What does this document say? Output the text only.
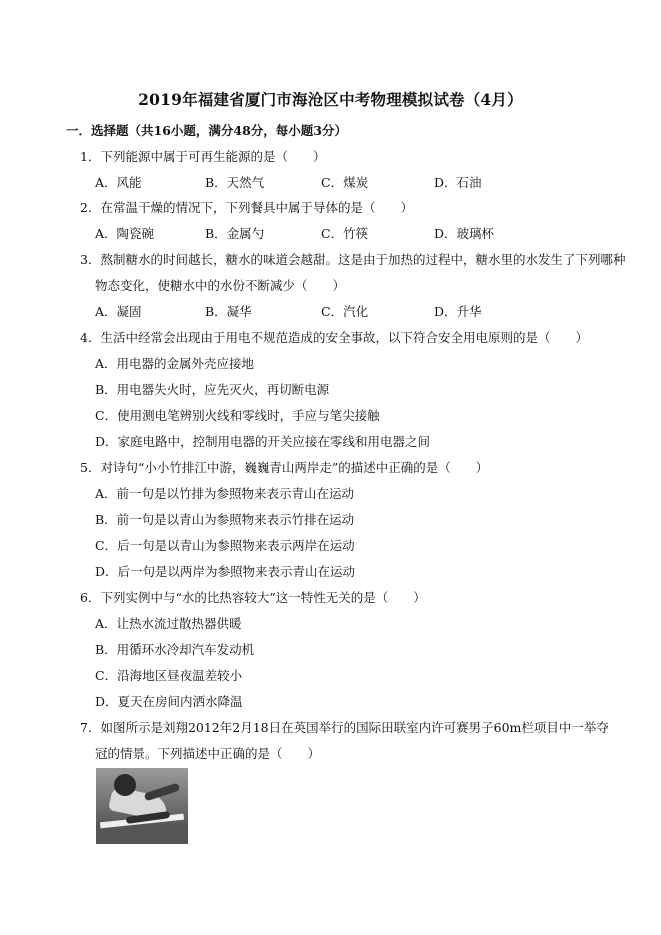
2019年福建省厦门市海沧区中考物理模拟试卷（4月）
一．选择题（共16小题，满分48分，每小题3分）
1．下列能源中属于可再生能源的是（　　）
A．风能	B．天然气	C．煤炭	D．石油
2．在常温干燥的情况下，下列餐具中属于导体的是（　　）
A．陶瓷碗	B．金属勺	C．竹筷	D．玻璃杯
3．熬制糖水的时间越长，糖水的味道会越甜。这是由于加热的过程中，糖水里的水发生了下列哪种
物态变化，使糖水中的水份不断减少（　　）
A．凝固	B．凝华	C．汽化	D．升华
4．生活中经常会出现由于用电不规范造成的安全事故，以下符合安全用电原则的是（　　）
A．用电器的金属外壳应接地
B．用电器失火时，应先灭火，再切断电源
C．使用测电笔辨别火线和零线时，手应与笔尖接触
D．家庭电路中，控制用电器的开关应接在零线和用电器之间
5．对诗句“小小竹排江中游，巍巍青山两岸走”的描述中正确的是（　　）
A．前一句是以竹排为参照物来表示青山在运动
B．前一句是以青山为参照物来表示竹排在运动
C．后一句是以青山为参照物来表示两岸在运动
D．后一句是以两岸为参照物来表示青山在运动
6．下列实例中与“水的比热容较大”这一特性无关的是（　　）
A．让热水流过散热器供暖
B．用循环水冷却汽车发动机
C．沿海地区昼夜温差较小
D．夏天在房间内洒水降温
7．如图所示是刘翔2012年2月18日在英国举行的国际田联室内许可赛男子60m栏项目中一举夺
冠的情景。下列描述中正确的是（　　）
